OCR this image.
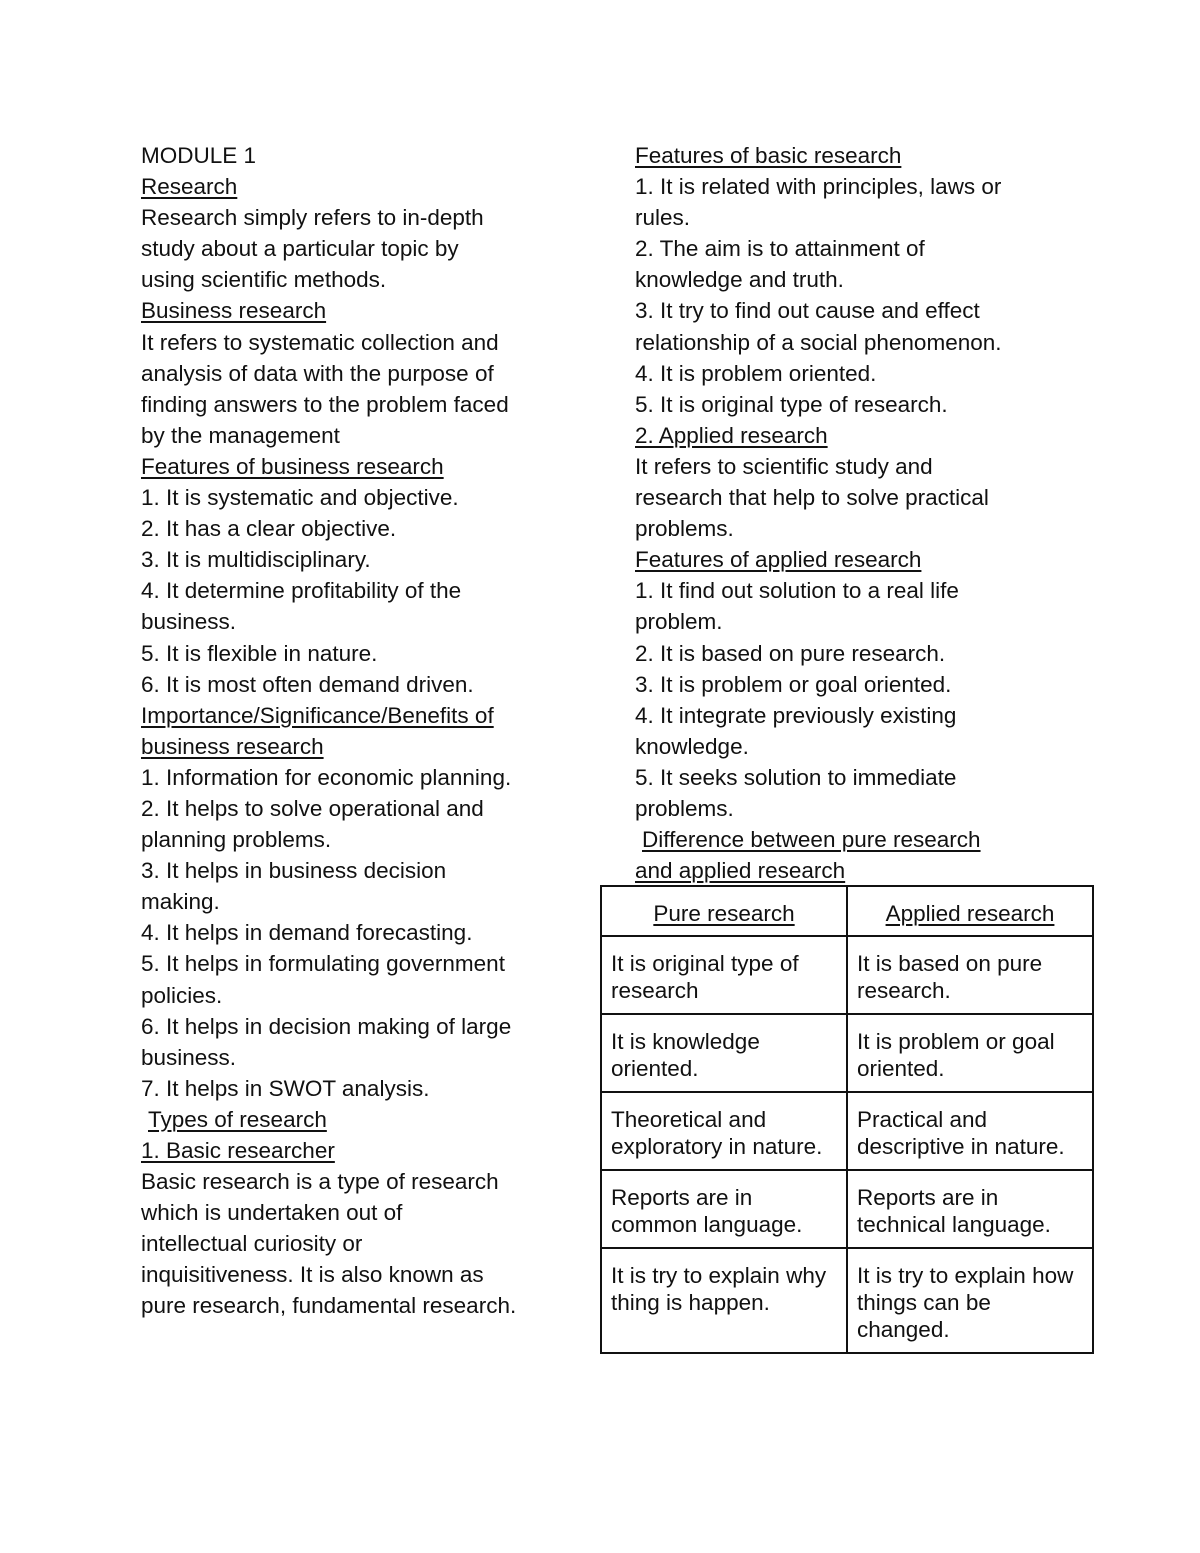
MODULE 1
Research
Research simply refers to in-depth
study about a particular topic by
using scientific methods.
Business research
It refers to systematic collection and
analysis of data with the purpose of
finding answers to the problem faced
by the management
Features of business research
1. It is systematic and objective.
2. It has a clear objective.
3. It is multidisciplinary.
4. It determine profitability of the
business.
5. It is flexible in nature.
6. It is most often demand driven.
Importance/Significance/Benefits of
business research
1. Information for economic planning.
2. It helps to solve operational and
planning problems.
3. It helps in business decision
making.
4. It helps in demand forecasting.
5. It helps in formulating government
policies.
6. It helps in decision making of large
business.
7. It helps in SWOT analysis.
Types of research
1. Basic researcher
Basic research is a type of research
which is undertaken out of
intellectual curiosity or
inquisitiveness. It is also known as
pure research, fundamental research.
Features of basic research
1. It is related with principles, laws or
rules.
2. The aim is to attainment of
knowledge and truth.
3. It try to find out cause and effect
relationship of a social phenomenon.
4. It is problem oriented.
5. It is original type of research.
2. Applied research
It refers to scientific study and
research that help to solve practical
problems.
Features of applied research
1. It find out solution to a real life
problem.
2. It is based on pure research.
3. It is problem or goal oriented.
4. It integrate previously existing
knowledge.
5. It seeks solution to immediate
problems.
Difference between pure research
and applied research
Pure research	Applied research
It is original type of research	It is based on pure research.
It is knowledge oriented.	It is problem or goal oriented.
Theoretical and exploratory in nature.	Practical and descriptive in nature.
Reports are in common language.	Reports are in technical language.
It is try to explain why thing is happen.	It is try to explain how things can be changed.
